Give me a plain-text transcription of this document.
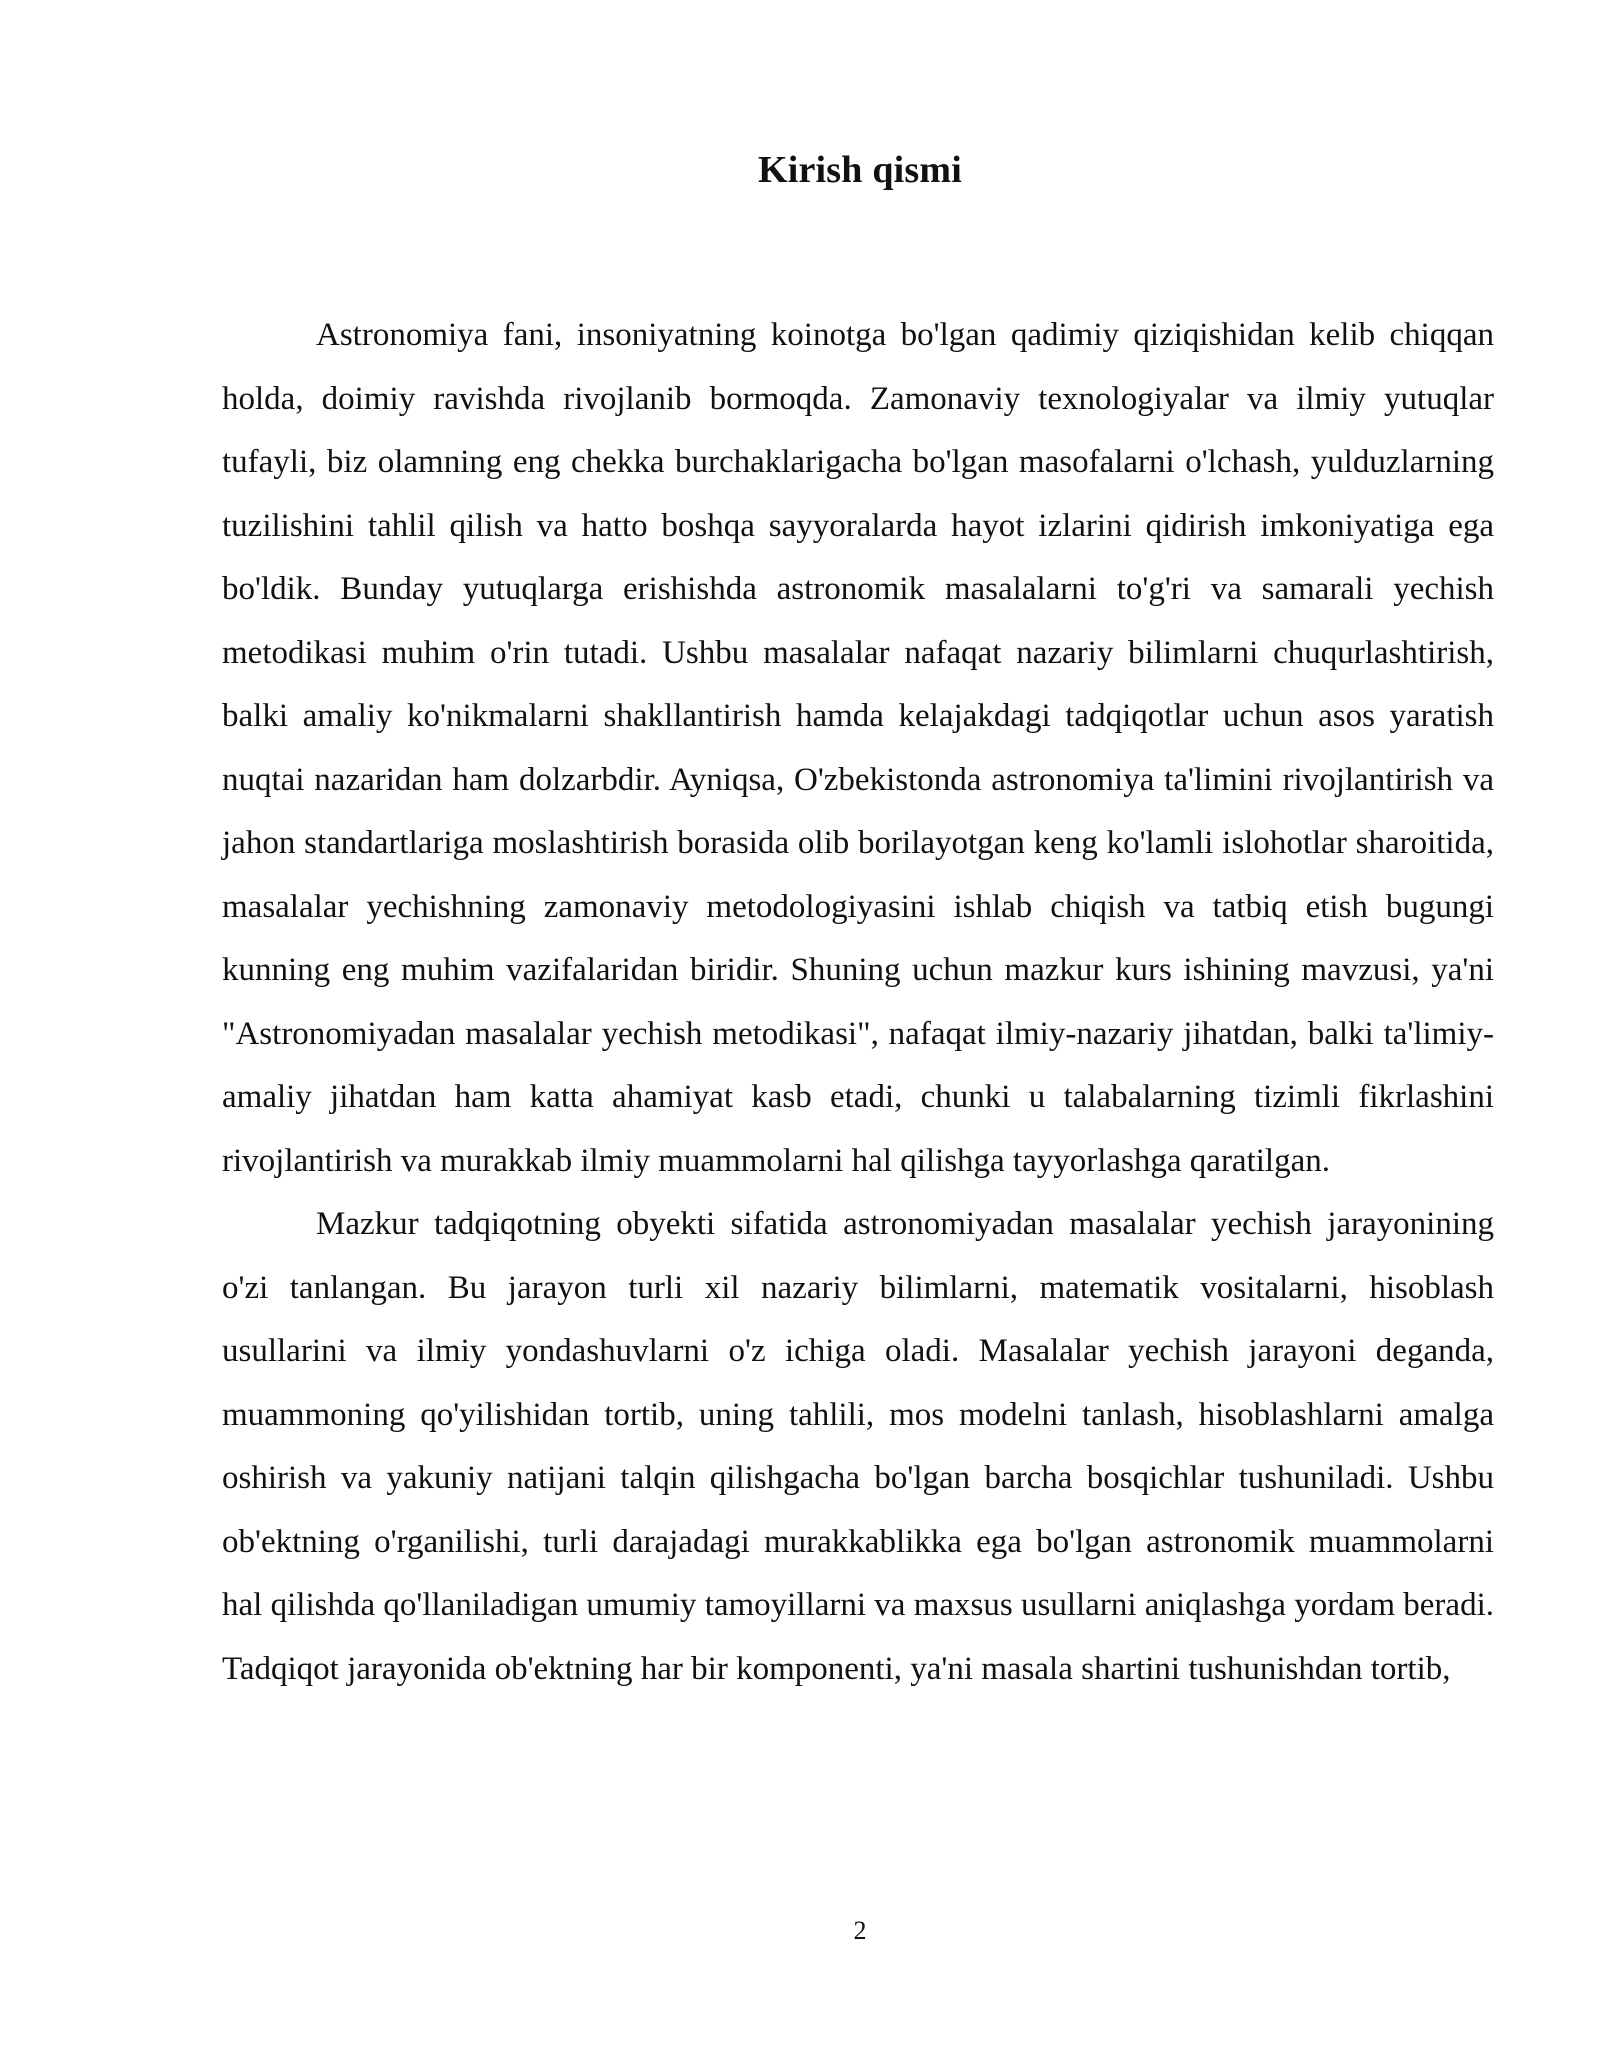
Kirish qismi

Astronomiya fani, insoniyatning koinotga bo'lgan qadimiy qiziqishidan kelib chiqqan holda, doimiy ravishda rivojlanib bormoqda. Zamonaviy texnologiyalar va ilmiy yutuqlar tufayli, biz olamning eng chekka burchaklarigacha bo'lgan masofalarni o'lchash, yulduzlarning tuzilishini tahlil qilish va hatto boshqa sayyoralarda hayot izlarini qidirish imkoniyatiga ega bo'ldik. Bunday yutuqlarga erishishda astronomik masalalarni to'g'ri va samarali yechish metodikasi muhim o'rin tutadi. Ushbu masalalar nafaqat nazariy bilimlarni chuqurlashtirish, balki amaliy ko'nikmalarni shakllantirish hamda kelajakdagi tadqiqotlar uchun asos yaratish nuqtai nazaridan ham dolzarbdir. Ayniqsa, O'zbekistonda astronomiya ta'limini rivojlantirish va jahon standartlariga moslashtirish borasida olib borilayotgan keng ko'lamli islohotlar sharoitida, masalalar yechishning zamonaviy metodologiyasini ishlab chiqish va tatbiq etish bugungi kunning eng muhim vazifalaridan biridir. Shuning uchun mazkur kurs ishining mavzusi, ya'ni "Astronomiyadan masalalar yechish metodikasi", nafaqat ilmiy-nazariy jihatdan, balki ta'limiy-amaliy jihatdan ham katta ahamiyat kasb etadi, chunki u talabalarning tizimli fikrlashini rivojlantirish va murakkab ilmiy muammolarni hal qilishga tayyorlashga qaratilgan.

Mazkur tadqiqotning obyekti sifatida astronomiyadan masalalar yechish jarayonining o'zi tanlangan. Bu jarayon turli xil nazariy bilimlarni, matematik vositalarni, hisoblash usullarini va ilmiy yondashuvlarni o'z ichiga oladi. Masalalar yechish jarayoni deganda, muammoning qo'yilishidan tortib, uning tahlili, mos modelni tanlash, hisoblashlarni amalga oshirish va yakuniy natijani talqin qilishgacha bo'lgan barcha bosqichlar tushuniladi. Ushbu ob'ektning o'rganilishi, turli darajadagi murakkablikka ega bo'lgan astronomik muammolarni hal qilishda qo'llaniladigan umumiy tamoyillarni va maxsus usullarni aniqlashga yordam beradi. Tadqiqot jarayonida ob'ektning har bir komponenti, ya'ni masala shartini tushunishdan tortib,

2
